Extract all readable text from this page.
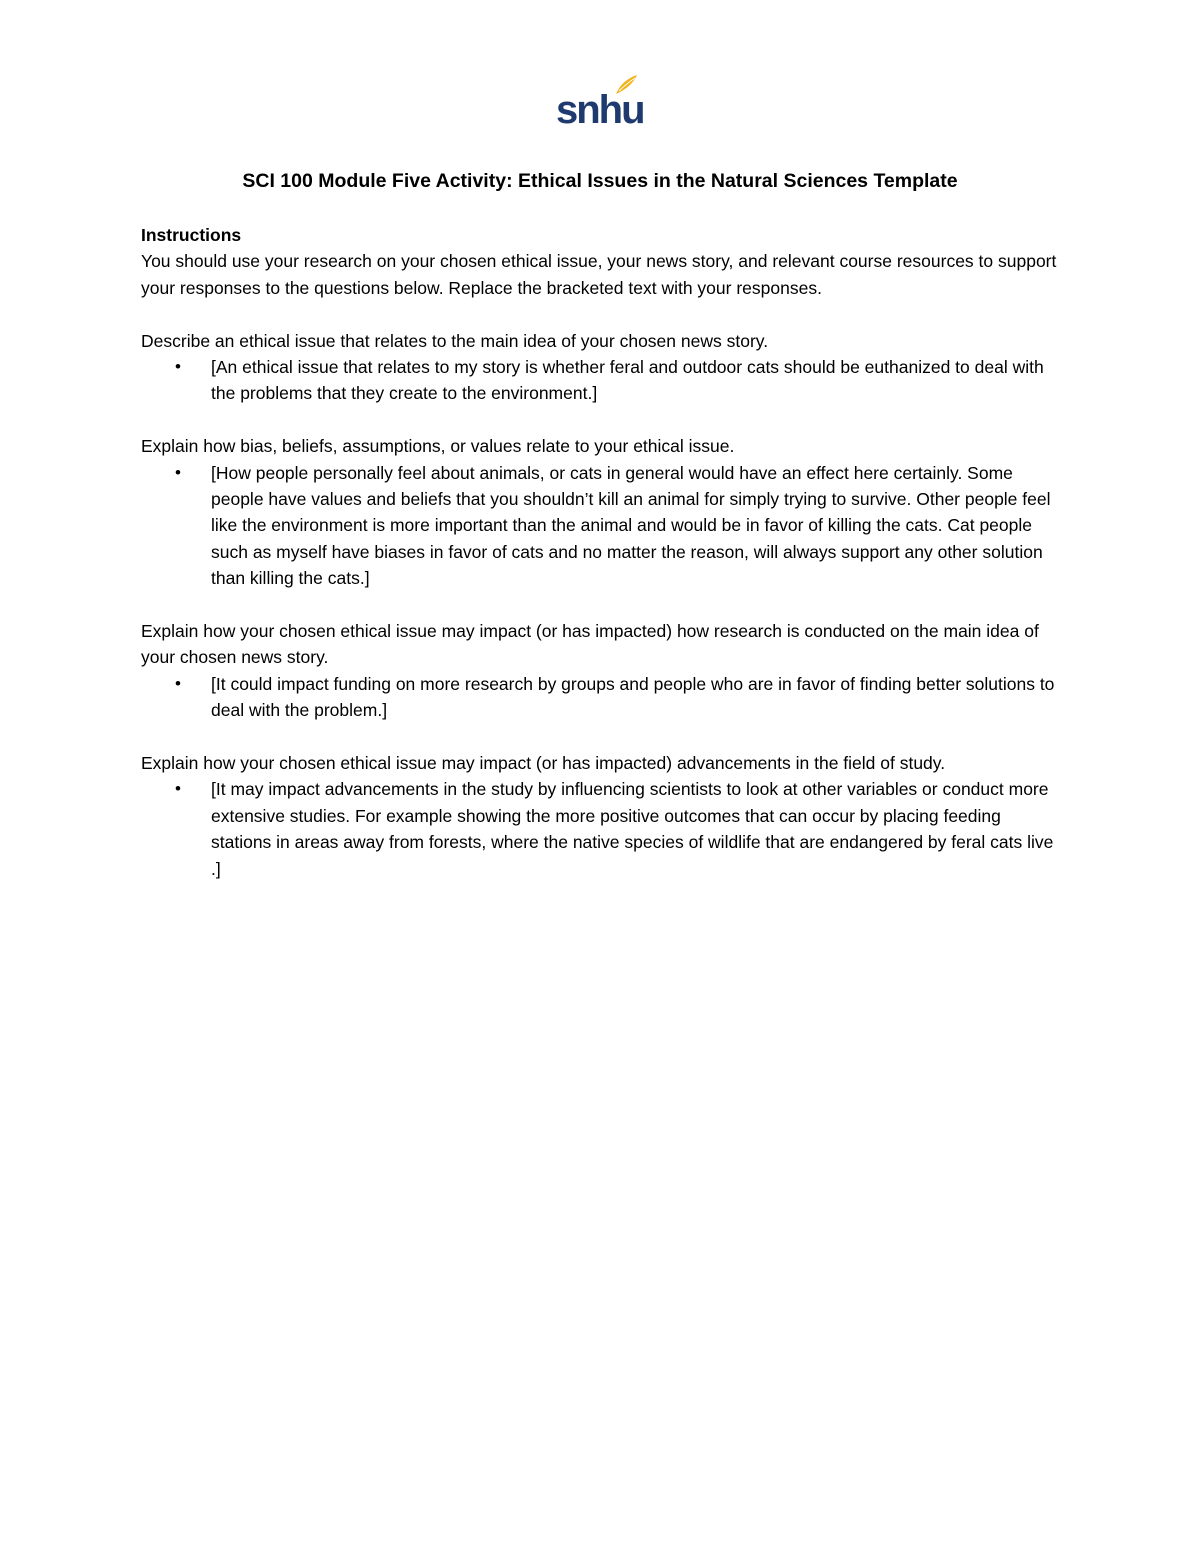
snhu
SCI 100 Module Five Activity: Ethical Issues in the Natural Sciences Template

Instructions

You should use your research on your chosen ethical issue, your news story, and relevant course resources to support your responses to the questions below. Replace the bracketed text with your responses.

Describe an ethical issue that relates to the main idea of your chosen news story.

• [An ethical issue that relates to my story is whether feral and outdoor cats should be euthanized to deal with the problems that they create to the environment.]

Explain how bias, beliefs, assumptions, or values relate to your ethical issue.

• [How people personally feel about animals, or cats in general would have an effect here certainly. Some people have values and beliefs that you shouldn’t kill an animal for simply trying to survive. Other people feel like the environment is more important than the animal and would be in favor of killing the cats. Cat people such as myself have biases in favor of cats and no matter the reason, will always support any other solution than killing the cats.]

Explain how your chosen ethical issue may impact (or has impacted) how research is conducted on the main idea of your chosen news story.

• [It could impact funding on more research by groups and people who are in favor of finding better solutions to deal with the problem.]

Explain how your chosen ethical issue may impact (or has impacted) advancements in the field of study.

• [It may impact advancements in the study by influencing scientists to look at other variables or conduct more extensive studies. For example showing the more positive outcomes that can occur by placing feeding stations in areas away from forests, where the native species of wildlife that are endangered by feral cats live .]
